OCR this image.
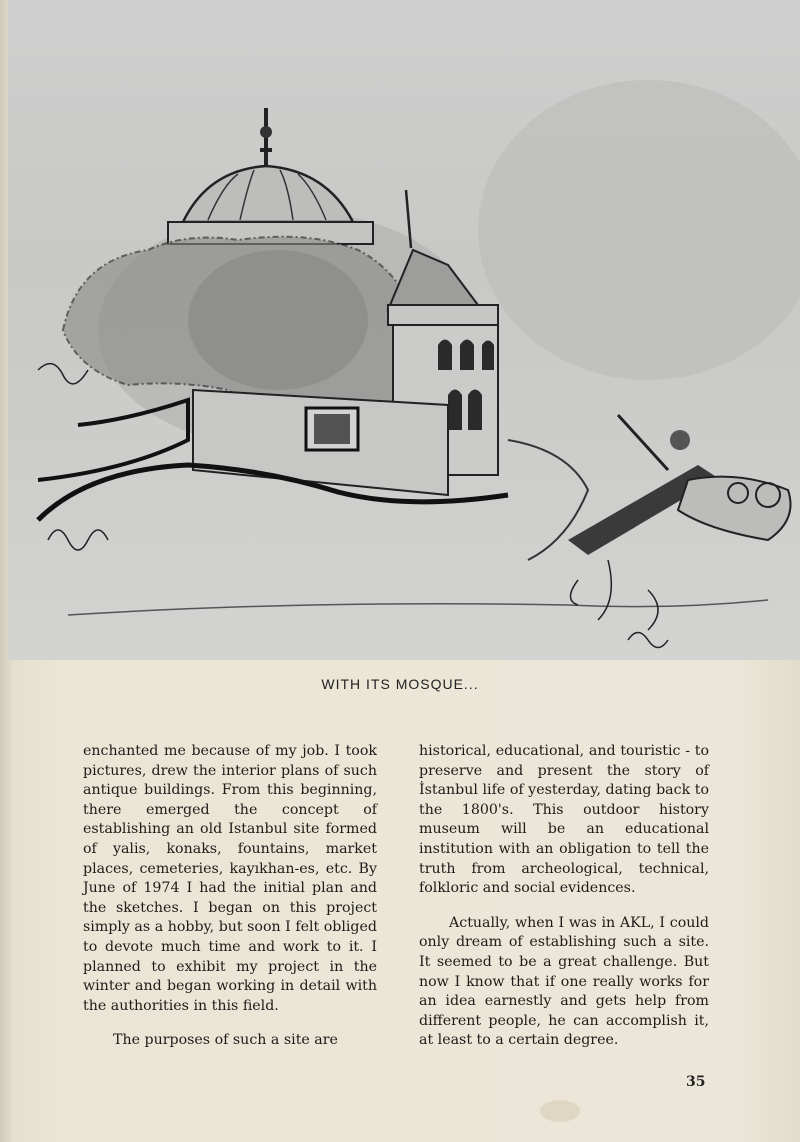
WITH ITS MOSQUE...

enchanted me because of my job. I took pictures, drew the interior plans of such antique buildings. From this beginning, there emerged the concept of establishing an old Istanbul site formed of yalis, konaks, fountains, market places, cemeteries, kayıkhan-es, etc. By June of 1974 I had the initial plan and the sketches. I began on this project simply as a hobby, but soon I felt obliged to devote much time and work to it. I planned to exhibit my project in the winter and began working in detail with the authorities in this field.

The purposes of such a site are

historical, educational, and touristic - to preserve and present the story of İstanbul life of yesterday, dating back to the 1800's. This outdoor history museum will be an educational institution with an obligation to tell the truth from archeological, technical, folkloric and social evidences.

Actually, when I was in AKL, I could only dream of establishing such a site. It seemed to be a great challenge. But now I know that if one really works for an idea earnestly and gets help from different people, he can accomplish it, at least to a certain degree.

35
